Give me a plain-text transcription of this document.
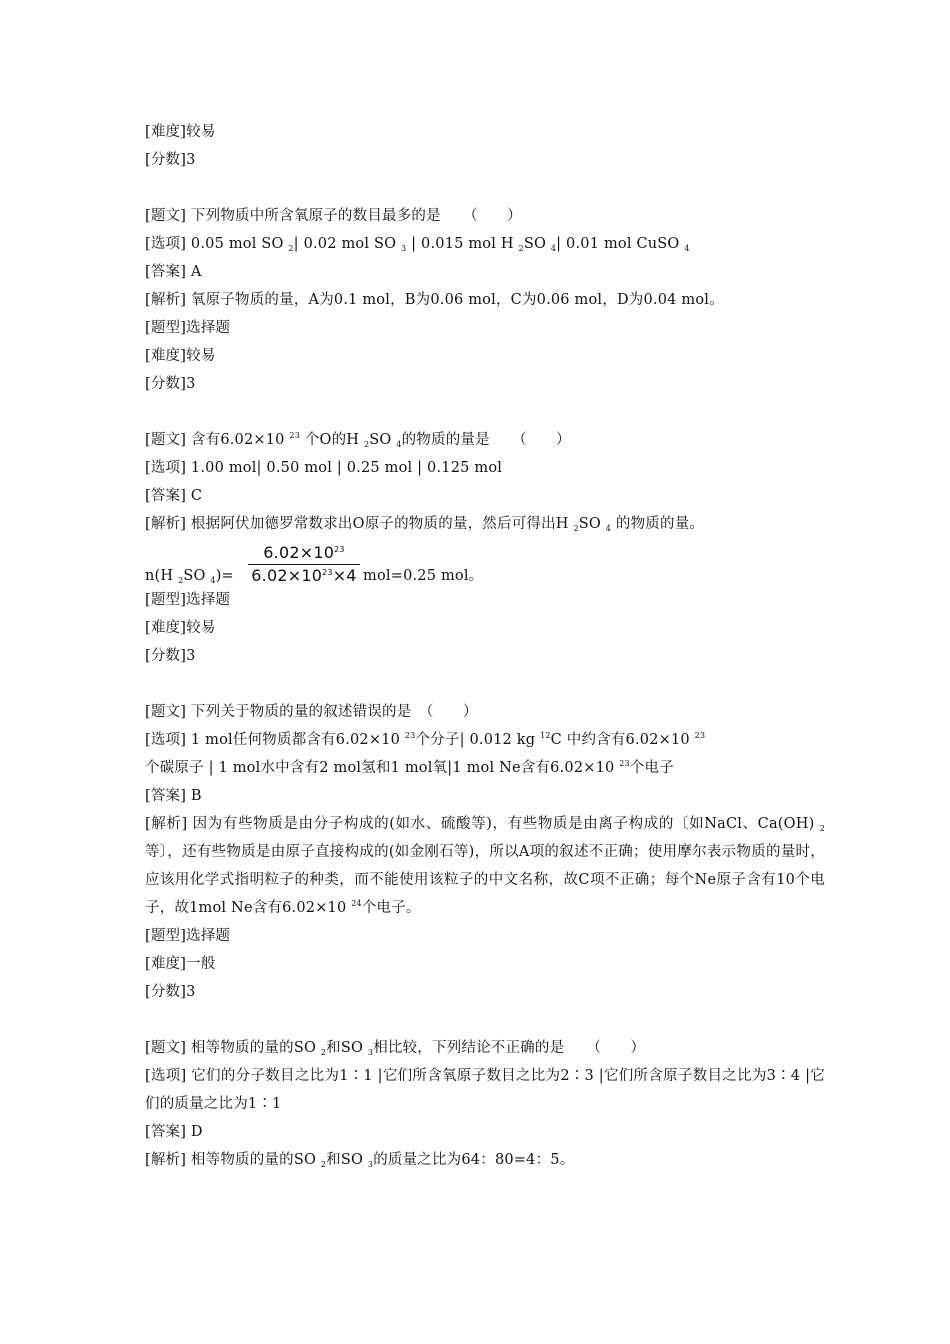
[难度]较易
[分数]3
[题文] 下列物质中所含氧原子的数目最多的是　　（　　）
[选项] 0.05 mol SO $_2$| 0.02 mol SO $_3$ | 0.015 mol H $_2$SO $_4$| 0.01 mol CuSO $_4$
[答案] A
[解析] 氧原子物质的量，A为0.1 mol，B为0.06 mol，C为0.06 mol，D为0.04 mol。
[题型]选择题
[难度]较易
[分数]3
[题文] 含有6.02×10 $^{23}$ 个O的H $_2$SO $_4$的物质的量是　　（　　）
[选项] 1.00 mol| 0.50 mol | 0.25 mol | 0.125 mol
[答案] C
[解析] 根据阿伏加德罗常数求出O原子的物质的量，然后可得出H $_2$SO $_4$ 的物质的量。
n(H $_2$SO $_4$)=
$6.02\times 10^{23}$
$6.02\times 10^{23}\times 4$ mol=0.25 mol。
[题型]选择题
[难度]较易
[分数]3
[题文] 下列关于物质的量的叙述错误的是　（　　）
[选项] 1 mol任何物质都含有6.02×10 $^{23}$个分子| 0.012 kg $^{12}$C 中约含有6.02×10 $^{23}$
个碳原子 | 1 mol水中含有2 mol氢和1 mol氧|1 mol Ne含有6.02×10 $^{23}$个电子
[答案] B
[解析] 因为有些物质是由分子构成的(如水、硫酸等)，有些物质是由离子构成的〔如NaCl、Ca(OH) $_2$等〕，还有些物质是由原子直接构成的(如金刚石等)，所以A项的叙述不正确；使用摩尔表示物质的量时，应该用化学式指明粒子的种类，而不能使用该粒子的中文名称，故C项不正确；每个Ne原子含有10个电子，故1mol Ne含有6.02×10 $^{24}$个电子。
[题型]选择题
[难度]一般
[分数]3
[题文] 相等物质的量的SO $_2$和SO $_3$相比较，下列结论不正确的是　　（　　）
[选项] 它们的分子数目之比为1∶1 |它们所含氧原子数目之比为2∶3 |它们所含原子数目之比为3∶4 |它们的质量之比为1∶1
[答案] D
[解析] 相等物质的量的SO $_2$和SO $_3$的质量之比为64：80=4：5。
